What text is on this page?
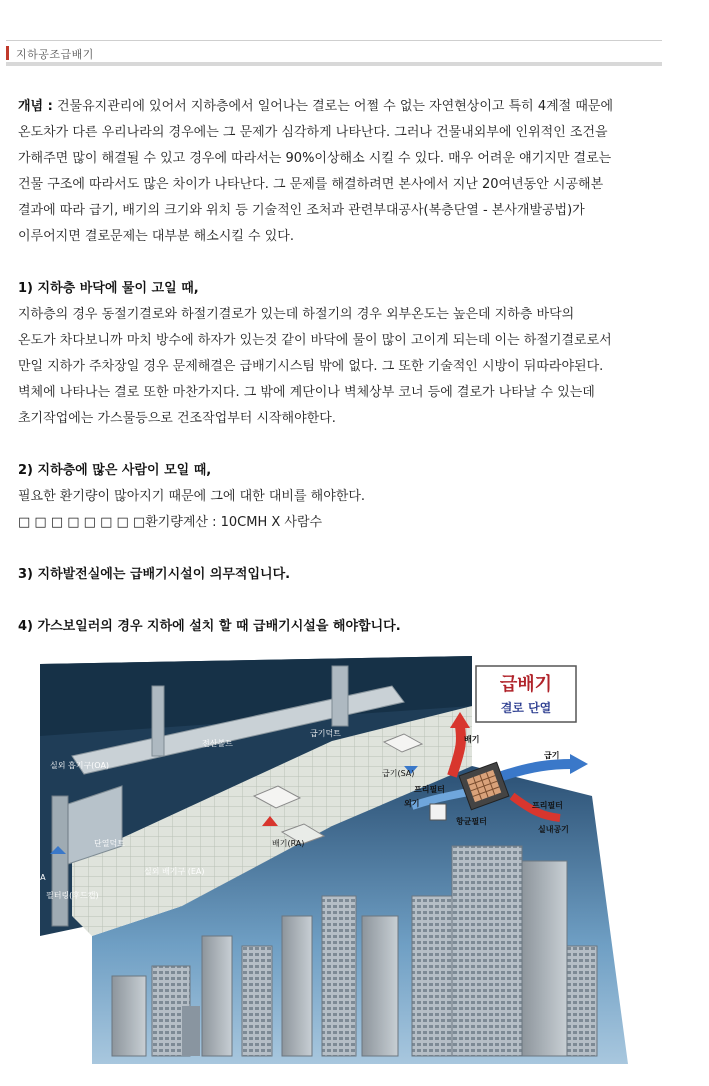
지하공조급배기

개념 : 건물유지관리에 있어서 지하층에서 일어나는 결로는 어쩔 수 없는 자연현상이고 특히 4계절 때문에

온도차가 다른 우리나라의 경우에는 그 문제가 심각하게 나타난다. 그러나 건물내외부에 인위적인 조건을

가해주면 많이 해결될 수 있고 경우에 따라서는 90%이상해소 시킬 수 있다. 매우 어려운 얘기지만 결로는

건물 구조에 따라서도 많은 차이가 나타난다. 그 문제를 해결하려면 본사에서 지난 20여년동안 시공해본

결과에 따라 급기, 배기의 크기와 위치 등 기술적인 조처과 관련부대공사(복층단열 - 본사개발공법)가

이루어지면 결로문제는 대부분 해소시킬 수 있다.

1) 지하층 바닥에 물이 고일 때,

지하층의 경우 동절기결로와 하절기결로가 있는데 하절기의 경우 외부온도는 높은데 지하층 바닥의

온도가 차다보니까 마치 방수에 하자가 있는것 같이 바닥에 물이 많이 고이게 되는데 이는 하절기결로로서

만일 지하가 주차장일 경우 문제해결은 급배기시스팀 밖에 없다. 그 또한 기술적인 시방이 뒤따라야된다.

벽체에 나타나는 결로 또한 마찬가지다. 그 밖에 계단이나 벽체상부 코너 등에 결로가 나타날 수 있는데

초기작업에는 가스물등으로 건조작업부터 시작해야한다.

2) 지하층에 많은 사람이 모일 때,

필요한 환기량이 많아지기 때문에 그에 대한 대비를 해야한다.

□ □ □ □ □ □ □ □환기량계산 : 10CMH X 사람수

3) 지하발전실에는 급배기시설이 의무적입니다.

4) 가스보일러의 경우 지하에 설치 할 때 급배기시설을 해야합니다.

급배기
결로 단열
실외 흡기구(OA)
전산볼트
급기덕트
급기(SA)
배기(RA)
단열덕트
실외 배기구 (EA)
OA
필터링(후드캡)
배기
급기
외기
프리필터
프리필터
항균필터
실내공기
